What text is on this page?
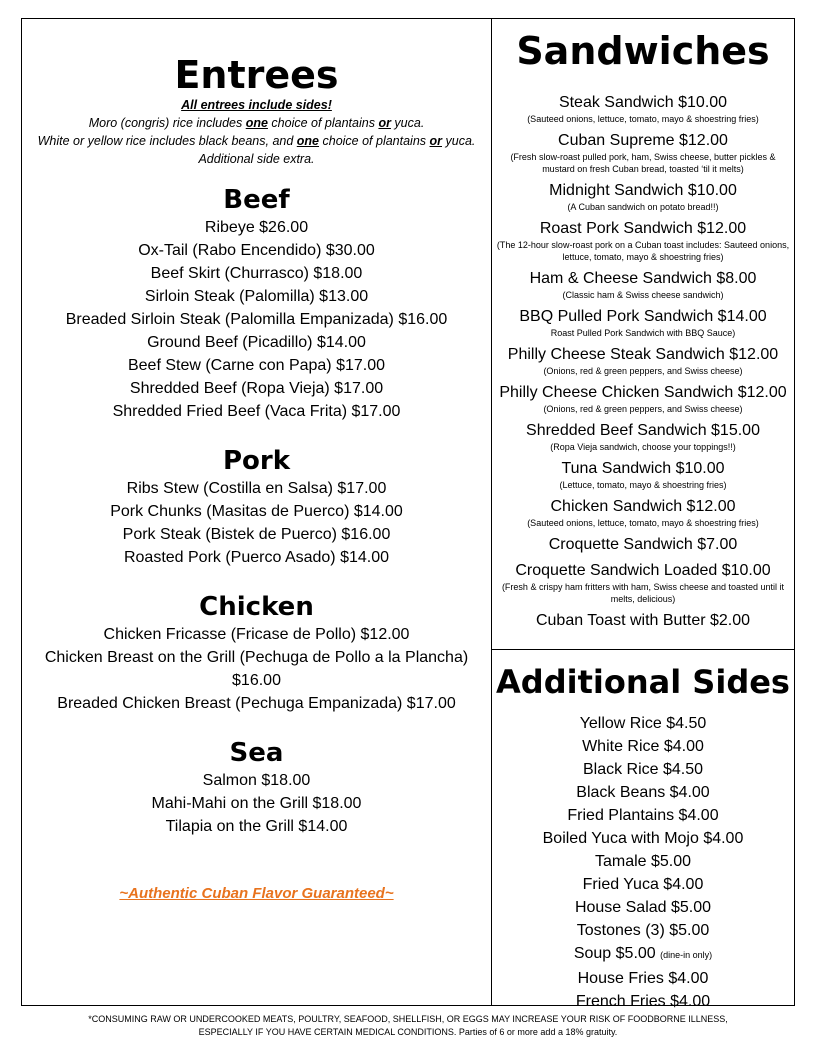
Entrees
All entrees include sides!
Moro (congris) rice includes one choice of plantains or yuca.
White or yellow rice includes black beans, and one choice of plantains or yuca.
Additional side extra.
Beef
Ribeye $26.00
Ox-Tail (Rabo Encendido) $30.00
Beef Skirt (Churrasco) $18.00
Sirloin Steak (Palomilla) $13.00
Breaded Sirloin Steak (Palomilla Empanizada) $16.00
Ground Beef (Picadillo) $14.00
Beef Stew (Carne con Papa) $17.00
Shredded Beef (Ropa Vieja) $17.00
Shredded Fried Beef (Vaca Frita) $17.00
Pork
Ribs Stew (Costilla en Salsa) $17.00
Pork Chunks (Masitas de Puerco) $14.00
Pork Steak (Bistek de Puerco) $16.00
Roasted Pork (Puerco Asado) $14.00
Chicken
Chicken Fricasse (Fricase de Pollo) $12.00
Chicken Breast on the Grill (Pechuga de Pollo a la Plancha) $16.00
Breaded Chicken Breast (Pechuga Empanizada) $17.00
Sea
Salmon $18.00
Mahi-Mahi on the Grill $18.00
Tilapia on the Grill $14.00
~Authentic Cuban Flavor Guaranteed~
Sandwiches
Steak Sandwich $10.00
(Sauteed onions, lettuce, tomato, mayo & shoestring fries)
Cuban Supreme $12.00
(Fresh slow-roast pulled pork, ham, Swiss cheese, butter pickles & mustard on fresh Cuban bread, toasted ‘til it melts)
Midnight Sandwich $10.00
(A Cuban sandwich on potato bread!!)
Roast Pork Sandwich $12.00
(The 12-hour slow-roast pork on a Cuban toast includes: Sauteed onions, lettuce, tomato, mayo & shoestring fries)
Ham & Cheese Sandwich $8.00
(Classic ham & Swiss cheese sandwich)
BBQ Pulled Pork Sandwich $14.00
Roast Pulled Pork Sandwich with BBQ Sauce)
Philly Cheese Steak Sandwich $12.00
(Onions, red & green peppers, and Swiss cheese)
Philly Cheese Chicken Sandwich $12.00
(Onions, red & green peppers, and Swiss cheese)
Shredded Beef Sandwich $15.00
(Ropa Vieja sandwich, choose your toppings!!)
Tuna Sandwich $10.00
(Lettuce, tomato, mayo & shoestring fries)
Chicken Sandwich $12.00
(Sauteed onions, lettuce, tomato, mayo & shoestring fries)
Croquette Sandwich $7.00
Croquette Sandwich Loaded $10.00
(Fresh & crispy ham fritters with ham, Swiss cheese and toasted until it melts, delicious)
Cuban Toast with Butter $2.00
Additional Sides
Yellow Rice $4.50
White Rice $4.00
Black Rice $4.50
Black Beans $4.00
Fried Plantains $4.00
Boiled Yuca with Mojo $4.00
Tamale $5.00
Fried Yuca $4.00
House Salad $5.00
Tostones (3) $5.00
Soup $5.00 (dine-in only)
House Fries $4.00
French Fries $4.00
*CONSUMING RAW OR UNDERCOOKED MEATS, POULTRY, SEAFOOD, SHELLFISH, OR EGGS MAY INCREASE YOUR RISK OF FOODBORNE ILLNESS,
ESPECIALLY IF YOU HAVE CERTAIN MEDICAL CONDITIONS. Parties of 6 or more add a 18% gratuity.
